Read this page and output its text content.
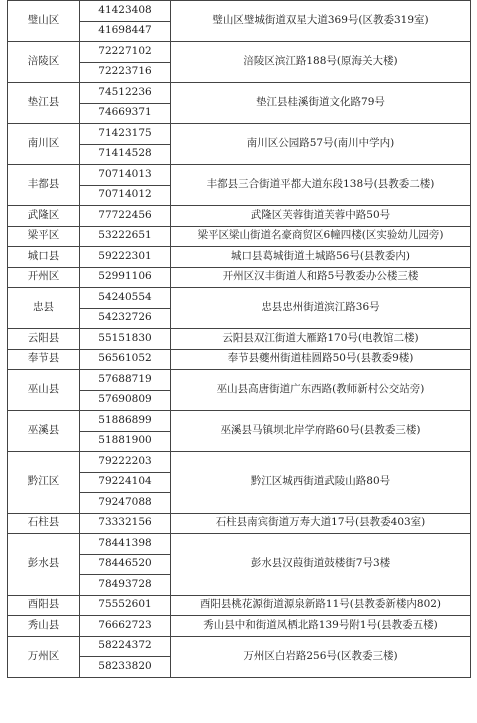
璧山区	41423408	璧山区璧城街道双星大道369号(区教委319室)
	41698447	
涪陵区	72227102	涪陵区滨江路188号(原海关大楼)
	72223716	
垫江县	74512236	垫江县桂溪街道文化路79号
	74669371	
南川区	71423175	南川区公园路57号(南川中学内)
	71414528	
丰都县	70714013	丰都县三合街道平都大道东段138号(县教委二楼)
	70714012	
武隆区	77722456	武隆区芙蓉街道芙蓉中路50号
梁平区	53222651	梁平区梁山街道名豪商贸区6幢四楼(区实验幼儿园旁)
城口县	59222301	城口县葛城街道土城路56号(县教委内)
开州区	52991106	开州区汉丰街道人和路5号教委办公楼三楼
忠县	54240554	忠县忠州街道滨江路36号
	54232726	
云阳县	55151830	云阳县双江街道大雁路170号(电教馆二楼)
奉节县	56561052	奉节县夔州街道桂圆路50号(县教委9楼)
巫山县	57688719	巫山县高唐街道广东西路(教师新村公交站旁)
	57690809	
巫溪县	51886899	巫溪县马镇坝北岸学府路60号(县教委三楼)
	51881900	
黔江区	79222203	黔江区城西街道武陵山路80号
	79224104	
	79247088	
石柱县	73332156	石柱县南宾街道万寿大道17号(县教委403室)
彭水县	78441398	彭水县汉葭街道鼓楼街7号3楼
	78446520	
	78493728	
酉阳县	75552601	酉阳县桃花源街道源泉新路11号(县教委新楼内802)
秀山县	76662723	秀山县中和街道凤栖北路139号附1号(县教委五楼)
万州区	58224372	万州区白岩路256号(区教委三楼)
	58233820	
